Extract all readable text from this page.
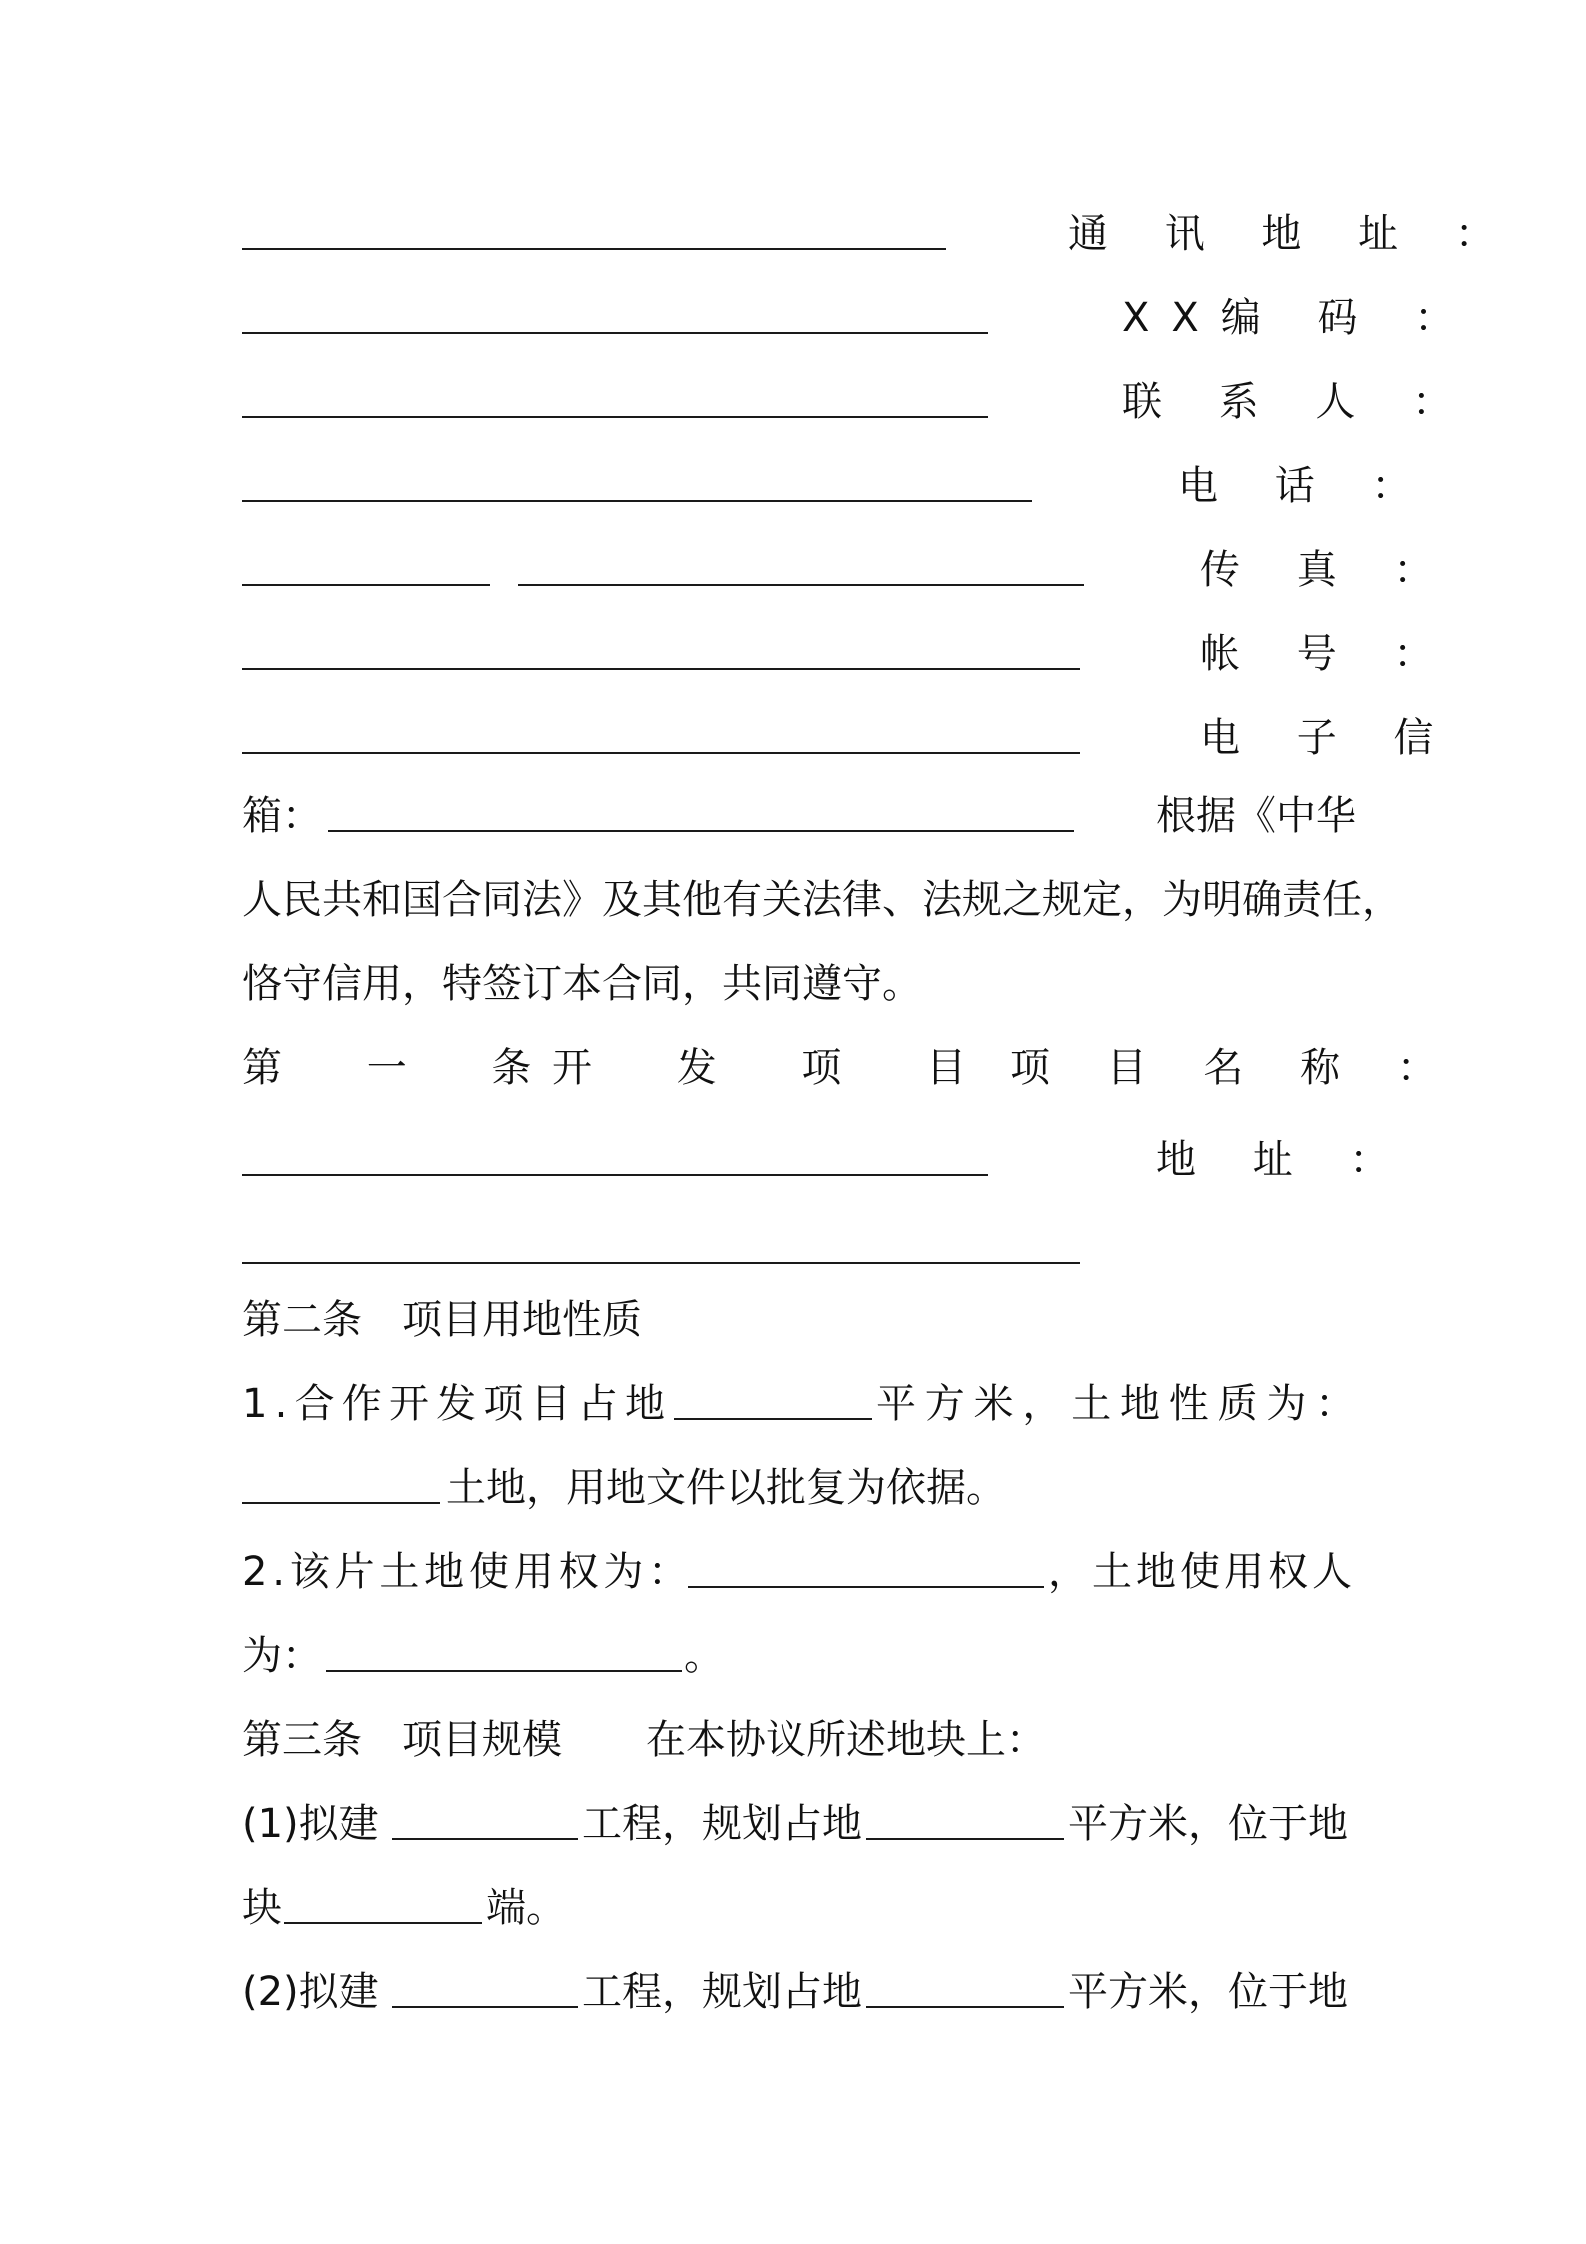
通 讯 地 址 ：
XX编 码 ：
联 系 人 ：
电 话 ：
传 真 ：
帐 号 ：
电 子 信
箱：	根据《中华
人民共和国合同法》及其他有关法律、法规之规定，为明确责任，
恪守信用，特签订本合同，共同遵守。
第 一 条
开 发 项 目 项 目 名 称 ：
地 址 ：
第二条　项目用地性质
1.合作开发项目占地	平方米，土地性质为：
土地，用地文件以批复为依据。
2.该片土地使用权为：	，土地使用权人
为：	。
第三条　项目规模 在本协议所述地块上：
(1)拟建	工程，规划占地	平方米，位于地
块	端。
(2)拟建	工程，规划占地	平方米，位于地
